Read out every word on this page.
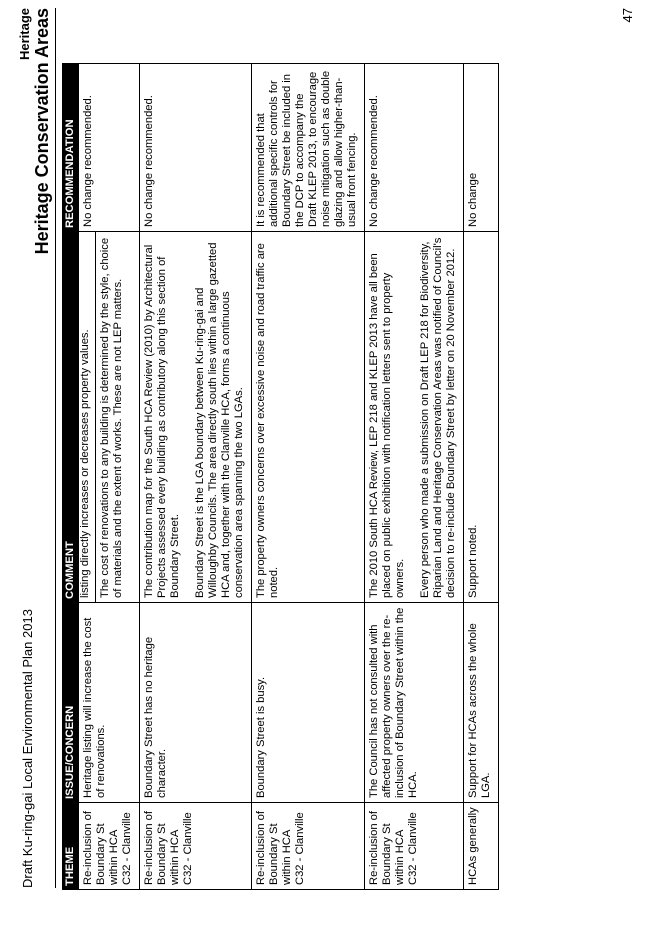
Draft Ku-ring-gai Local Environmental Plan 2013
Heritage Heritage Conservation Areas
THEME	ISSUE/CONCERN	COMMENT	RECOMMENDATION
Re-inclusion of Boundary St within HCA C32 - Clanville	Heritage listing will increase the cost of renovations.	listing directly increases or decreases property values.	No change recommended.

		The cost of renovations to any building is determined by the style, choice of materials and the extent of works. These are not LEP matters.	

Re-inclusion of Boundary St within HCA C32 - Clanville	Boundary Street has no heritage character.	The contribution map for the South HCA Review (2010) by Architectural Projects assessed every building as contributory along this section of Boundary Street. Boundary Street is the LGA boundary between Ku-ring-gai and Willoughby Councils. The area directly south lies within a large gazetted HCA and, together with the Clanville HCA, forms a continuous conservation area spanning the two LGAs.	No change recommended.
Re-inclusion of Boundary St within HCA C32 - Clanville	Boundary Street is busy.	The property owners concerns over excessive noise and road traffic are noted.	It is recommended that additional specific controls for Boundary Street be included in the DCP to accompany the Draft KLEP 2013, to encourage noise mitigation such as double glazing and allow higher-than-usual front fencing.
Re-inclusion of Boundary St within HCA C32 - Clanville	The Council has not consulted with affected property owners over the re-inclusion of Boundary Street within the HCA.	The 2010 South HCA Review, LEP 218 and KLEP 2013 have all been placed on public exhibition with notification letters sent to property owners. Every person who made a submission on Draft LEP 218 for Biodiversity, Riparian Land and Heritage Conservation Areas was notified of Council's decision to re-include Boundary Street by letter on 20 November 2012.	No change recommended.
HCAs generally	Support for HCAs across the whole LGA.	Support noted.	No change
47
